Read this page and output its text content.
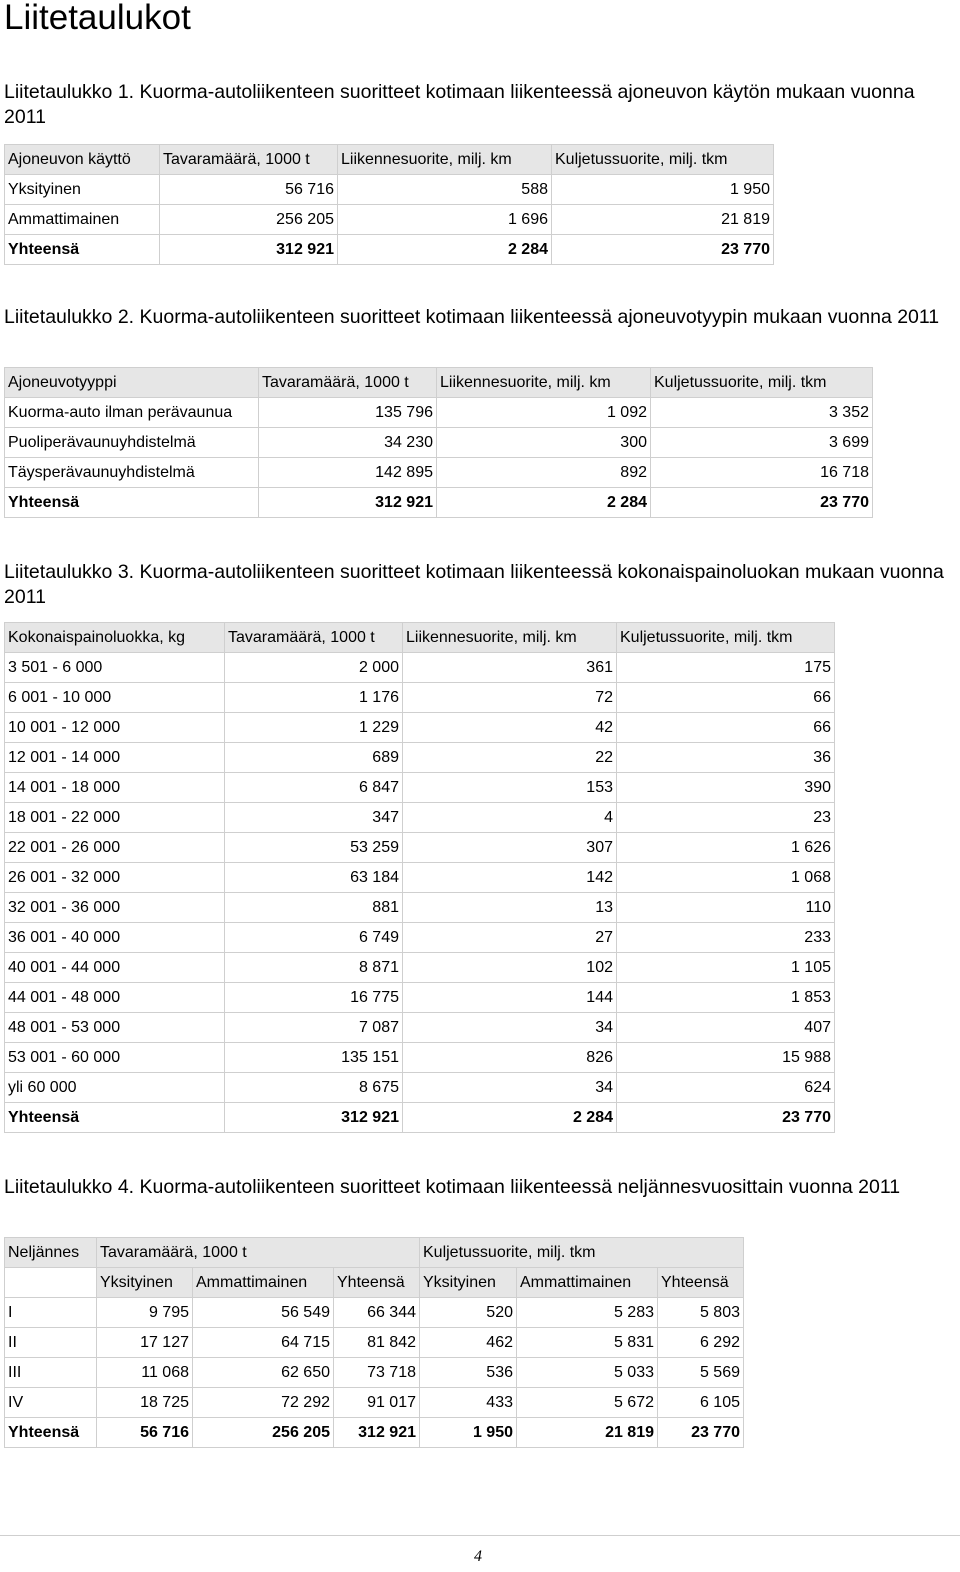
Liitetaulukot

Liitetaulukko 1. Kuorma-autoliikenteen suoritteet kotimaan liikenteessä ajoneuvon käytön mukaan vuonna 2011

Ajoneuvon käyttö	Tavaramäärä, 1000 t	Liikennesuorite, milj. km	Kuljetussuorite, milj. tkm
Yksityinen	56 716	588	1 950
Ammattimainen	256 205	1 696	21 819
Yhteensä	312 921	2 284	23 770

Liitetaulukko 2. Kuorma-autoliikenteen suoritteet kotimaan liikenteessä ajoneuvotyypin mukaan vuonna 2011

Ajoneuvotyyppi	Tavaramäärä, 1000 t	Liikennesuorite, milj. km	Kuljetussuorite, milj. tkm
Kuorma-auto ilman perävaunua	135 796	1 092	3 352
Puoliperävaunuyhdistelmä	34 230	300	3 699
Täysperävaunuyhdistelmä	142 895	892	16 718
Yhteensä	312 921	2 284	23 770

Liitetaulukko 3. Kuorma-autoliikenteen suoritteet kotimaan liikenteessä kokonaispainoluokan mukaan vuonna 2011

Kokonaispainoluokka, kg	Tavaramäärä, 1000 t	Liikennesuorite, milj. km	Kuljetussuorite, milj. tkm
3 501 - 6 000	2 000	361	175
6 001 - 10 000	1 176	72	66
10 001 - 12 000	1 229	42	66
12 001 - 14 000	689	22	36
14 001 - 18 000	6 847	153	390
18 001 - 22 000	347	4	23
22 001 - 26 000	53 259	307	1 626
26 001 - 32 000	63 184	142	1 068
32 001 - 36 000	881	13	110
36 001 - 40 000	6 749	27	233
40 001 - 44 000	8 871	102	1 105
44 001 - 48 000	16 775	144	1 853
48 001 - 53 000	7 087	34	407
53 001 - 60 000	135 151	826	15 988
yli 60 000	8 675	34	624
Yhteensä	312 921	2 284	23 770

Liitetaulukko 4. Kuorma-autoliikenteen suoritteet kotimaan liikenteessä neljännesvuosittain vuonna 2011

Neljännes	Tavaramäärä, 1000 t			Kuljetussuorite, milj. tkm		
	Yksityinen	Ammattimainen	Yhteensä	Yksityinen	Ammattimainen	Yhteensä
I	9 795	56 549	66 344	520	5 283	5 803
II	17 127	64 715	81 842	462	5 831	6 292
III	11 068	62 650	73 718	536	5 033	5 569
IV	18 725	72 292	91 017	433	5 672	6 105
Yhteensä	56 716	256 205	312 921	1 950	21 819	23 770
4
